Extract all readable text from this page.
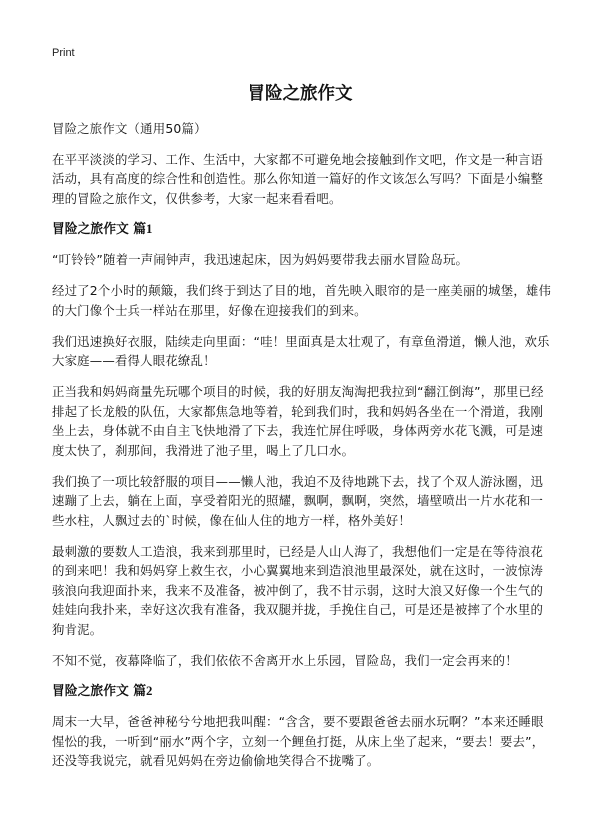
Print
冒险之旅作文

冒险之旅作文（通用50篇）

在平平淡淡的学习、工作、生活中，大家都不可避免地会接触到作文吧，作文是一种言语活动，具有高度的综合性和创造性。那么你知道一篇好的作文该怎么写吗？下面是小编整理的冒险之旅作文，仅供参考，大家一起来看看吧。

冒险之旅作文 篇1

“叮铃铃”随着一声闹钟声，我迅速起床，因为妈妈要带我去丽水冒险岛玩。

经过了2个小时的颠簸，我们终于到达了目的地，首先映入眼帘的是一座美丽的城堡，雄伟的大门像个士兵一样站在那里，好像在迎接我们的到来。

我们迅速换好衣服，陆续走向里面：“哇！里面真是太壮观了，有章鱼滑道，懒人池，欢乐大家庭——看得人眼花缭乱！

正当我和妈妈商量先玩哪个项目的时候，我的好朋友淘淘把我拉到“翻江倒海”，那里已经排起了长龙般的队伍，大家都焦急地等着，轮到我们时，我和妈妈各坐在一个滑道，我刚坐上去，身体就不由自主飞快地滑了下去，我连忙屏住呼吸，身体两旁水花飞溅，可是速度太快了，刹那间，我滑进了池子里，喝上了几口水。

我们换了一项比较舒服的项目——懒人池，我迫不及待地跳下去，找了个双人游泳圈，迅速蹦了上去，躺在上面，享受着阳光的照耀，飘啊，飘啊，突然，墙壁喷出一片水花和一些水柱，人飘过去的`时候，像在仙人住的地方一样，格外美好！

最刺激的要数人工造浪，我来到那里时，已经是人山人海了，我想他们一定是在等待浪花的到来吧！我和妈妈穿上救生衣，小心翼翼地来到造浪池里最深处，就在这时，一波惊涛骇浪向我迎面扑来，我来不及准备，被冲倒了，我不甘示弱，这时大浪又好像一个生气的娃娃向我扑来，幸好这次我有准备，我双腿并拢，手挽住自己，可是还是被摔了个水里的狗肯泥。

不知不觉，夜幕降临了，我们依依不舍离开水上乐园，冒险岛，我们一定会再来的！

冒险之旅作文 篇2

周末一大早，爸爸神秘兮兮地把我叫醒：“含含，要不要跟爸爸去丽水玩啊？”本来还睡眼惺忪的我，一听到“丽水”两个字，立刻一个鲤鱼打挺，从床上坐了起来，“要去！要去”，还没等我说完，就看见妈妈在旁边偷偷地笑得合不拢嘴了。
